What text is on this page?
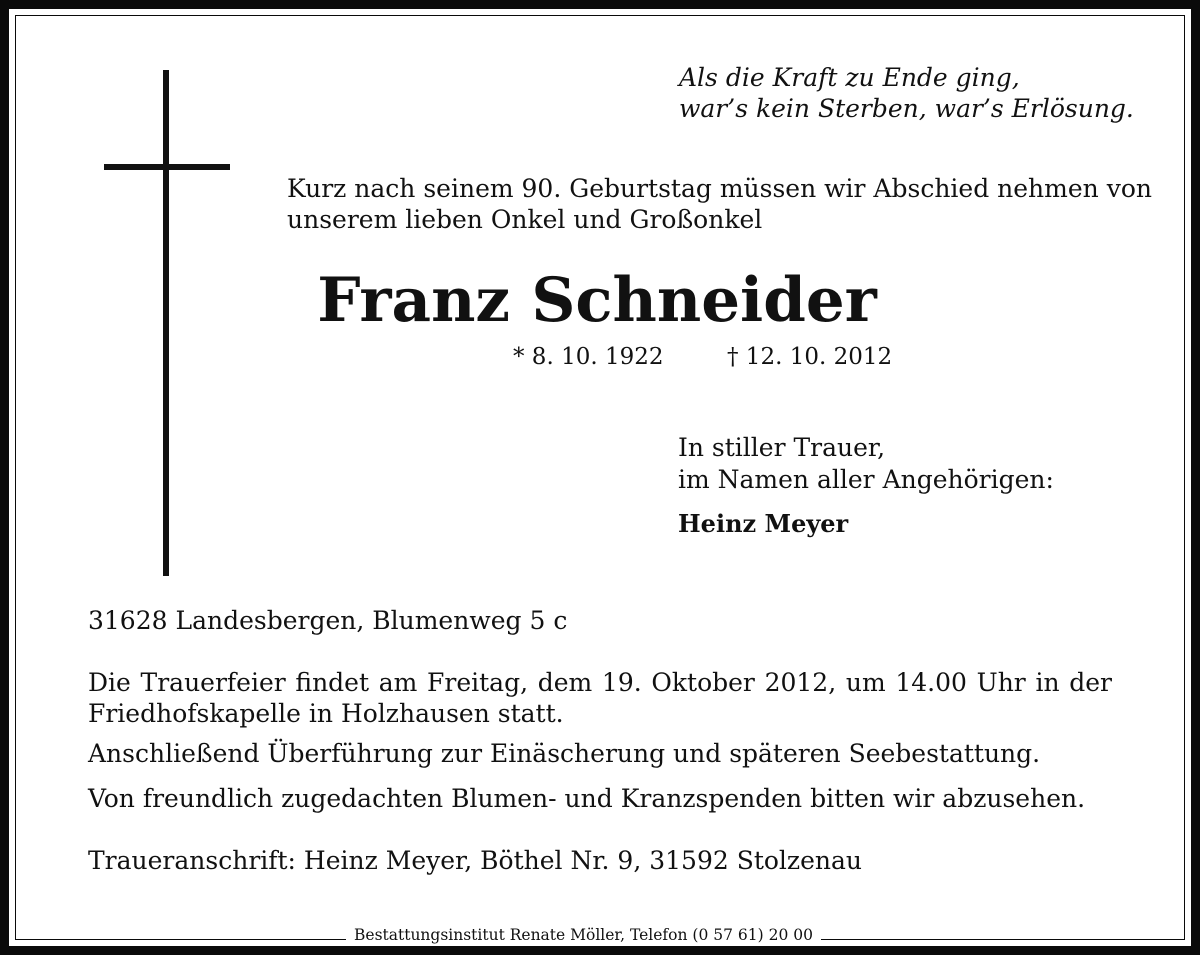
Als die Kraft zu Ende ging,
war’s kein Sterben, war’s Erlösung.
Kurz nach seinem 90. Geburtstag müssen wir Abschied nehmen von
unserem lieben Onkel und Großonkel
Franz Schneider
* 8. 10. 1922	† 12. 10. 2012
In stiller Trauer,
im Namen aller Angehörigen:
Heinz Meyer
31628 Landesbergen, Blumenweg 5 c
Die Trauerfeier findet am Freitag, dem 19. Oktober 2012, um 14.00 Uhr in der
Friedhofskapelle in Holzhausen statt.
Anschließend Überführung zur Einäscherung und späteren Seebestattung.
Von freundlich zugedachten Blumen- und Kranzspenden bitten wir abzusehen.
Traueranschrift: Heinz Meyer, Böthel Nr. 9, 31592 Stolzenau
Bestattungsinstitut Renate Möller, Telefon (0 57 61) 20 00
